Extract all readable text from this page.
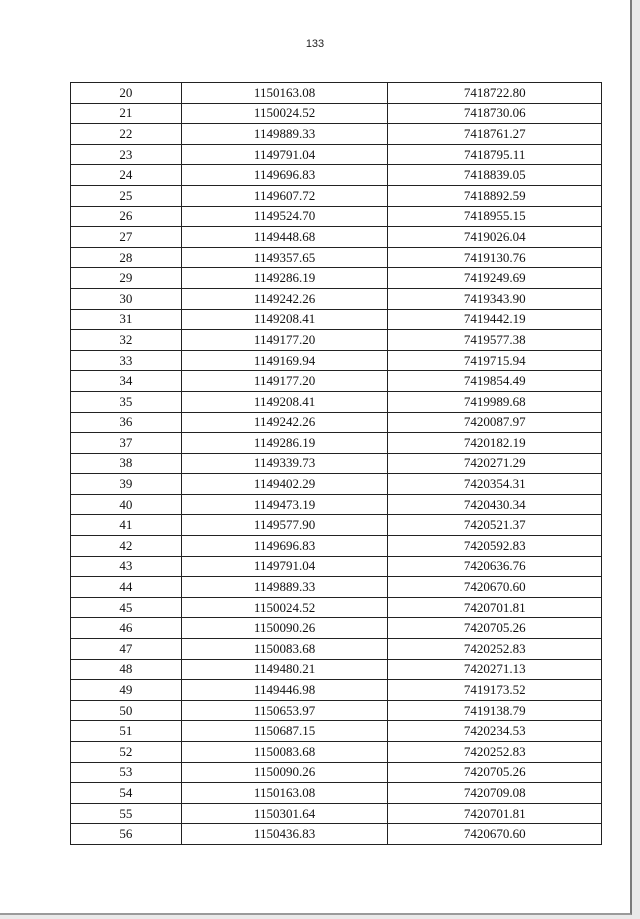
133
20	1150163.08	7418722.80
21	1150024.52	7418730.06
22	1149889.33	7418761.27
23	1149791.04	7418795.11
24	1149696.83	7418839.05
25	1149607.72	7418892.59
26	1149524.70	7418955.15
27	1149448.68	7419026.04
28	1149357.65	7419130.76
29	1149286.19	7419249.69
30	1149242.26	7419343.90
31	1149208.41	7419442.19
32	1149177.20	7419577.38
33	1149169.94	7419715.94
34	1149177.20	7419854.49
35	1149208.41	7419989.68
36	1149242.26	7420087.97
37	1149286.19	7420182.19
38	1149339.73	7420271.29
39	1149402.29	7420354.31
40	1149473.19	7420430.34
41	1149577.90	7420521.37
42	1149696.83	7420592.83
43	1149791.04	7420636.76
44	1149889.33	7420670.60
45	1150024.52	7420701.81
46	1150090.26	7420705.26
47	1150083.68	7420252.83
48	1149480.21	7420271.13
49	1149446.98	7419173.52
50	1150653.97	7419138.79
51	1150687.15	7420234.53
52	1150083.68	7420252.83
53	1150090.26	7420705.26
54	1150163.08	7420709.08
55	1150301.64	7420701.81
56	1150436.83	7420670.60
